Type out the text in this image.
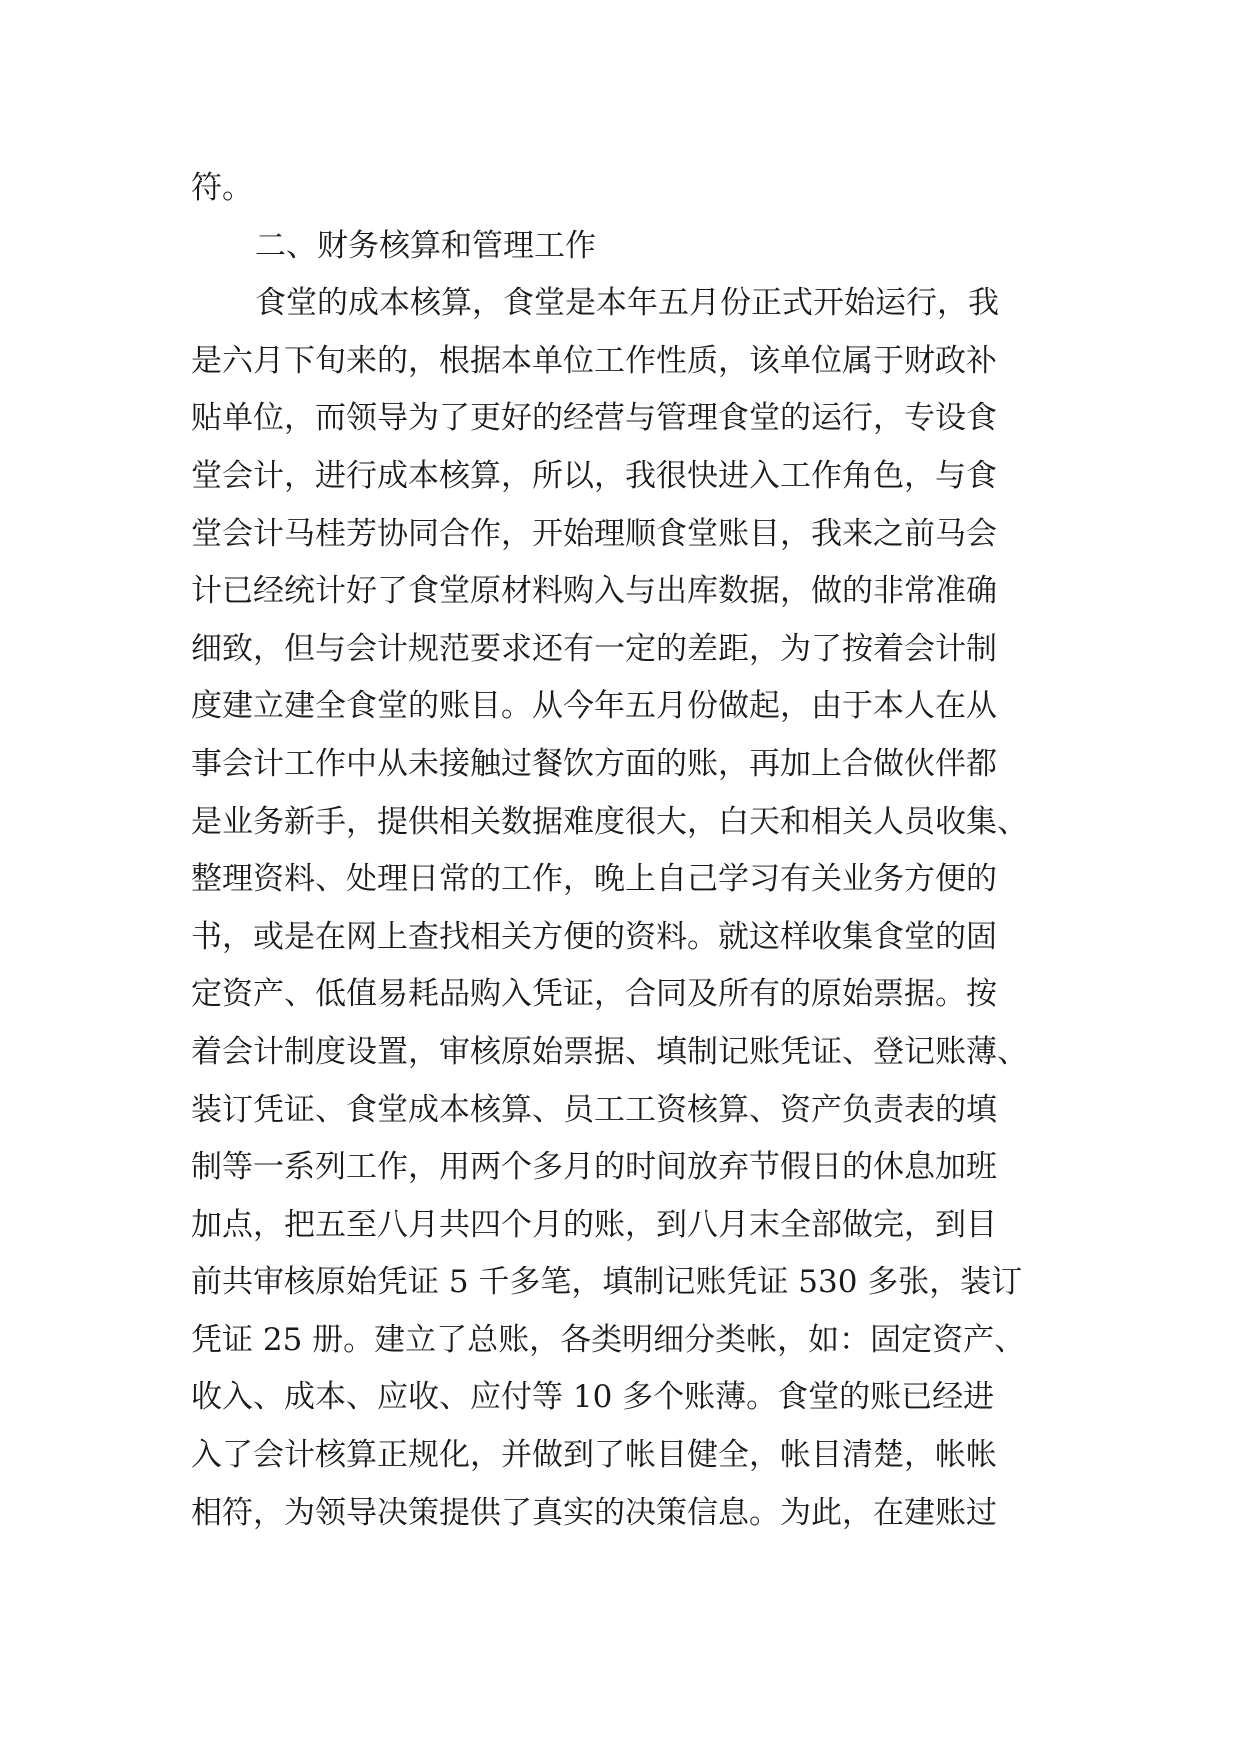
符。
二、财务核算和管理工作
食堂的成本核算，食堂是本年五月份正式开始运行，我
是六月下旬来的，根据本单位工作性质，该单位属于财政补
贴单位，而领导为了更好的经营与管理食堂的运行，专设食
堂会计，进行成本核算，所以，我很快进入工作角色，与食
堂会计马桂芳协同合作，开始理顺食堂账目，我来之前马会
计已经统计好了食堂原材料购入与出库数据，做的非常准确
细致，但与会计规范要求还有一定的差距，为了按着会计制
度建立建全食堂的账目。从今年五月份做起，由于本人在从
事会计工作中从未接触过餐饮方面的账，再加上合做伙伴都
是业务新手，提供相关数据难度很大，白天和相关人员收集、
整理资料、处理日常的工作，晚上自己学习有关业务方便的
书，或是在网上查找相关方便的资料。就这样收集食堂的固
定资产、低值易耗品购入凭证，合同及所有的原始票据。按
着会计制度设置，审核原始票据、填制记账凭证、登记账薄、
装订凭证、食堂成本核算、员工工资核算、资产负责表的填
制等一系列工作，用两个多月的时间放弃节假日的休息加班
加点，把五至八月共四个月的账，到八月末全部做完，到目
前共审核原始凭证 5 千多笔，填制记账凭证 530 多张，装订
凭证 25 册。建立了总账，各类明细分类帐，如：固定资产、
收入、成本、应收、应付等 10 多个账薄。食堂的账已经进
入了会计核算正规化，并做到了帐目健全，帐目清楚，帐帐
相符，为领导决策提供了真实的决策信息。为此，在建账过
